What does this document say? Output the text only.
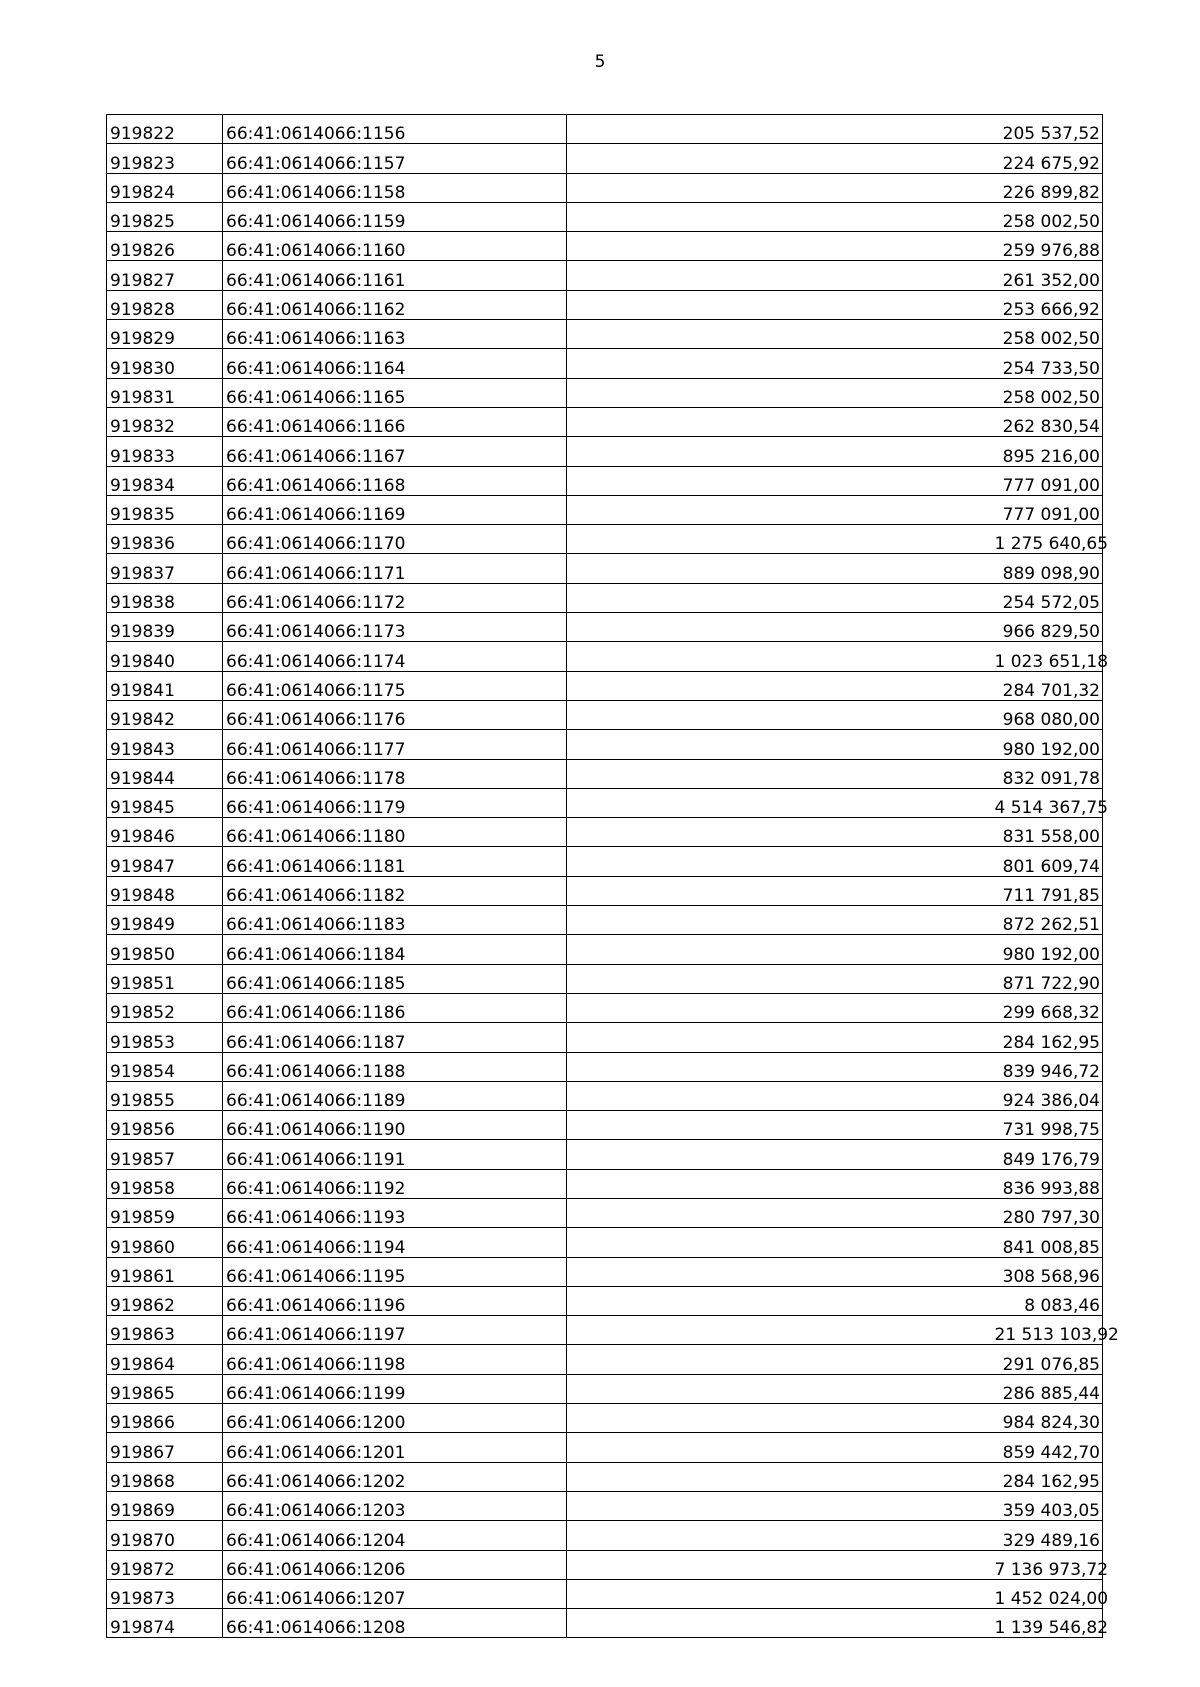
5
919822	66:41:0614066:1156		205 537,52
919823	66:41:0614066:1157		224 675,92
919824	66:41:0614066:1158		226 899,82
919825	66:41:0614066:1159		258 002,50
919826	66:41:0614066:1160		259 976,88
919827	66:41:0614066:1161		261 352,00
919828	66:41:0614066:1162		253 666,92
919829	66:41:0614066:1163		258 002,50
919830	66:41:0614066:1164		254 733,50
919831	66:41:0614066:1165		258 002,50
919832	66:41:0614066:1166		262 830,54
919833	66:41:0614066:1167		895 216,00
919834	66:41:0614066:1168		777 091,00
919835	66:41:0614066:1169		777 091,00
919836	66:41:0614066:1170		1 275 640,65
919837	66:41:0614066:1171		889 098,90
919838	66:41:0614066:1172		254 572,05
919839	66:41:0614066:1173		966 829,50
919840	66:41:0614066:1174		1 023 651,18
919841	66:41:0614066:1175		284 701,32
919842	66:41:0614066:1176		968 080,00
919843	66:41:0614066:1177		980 192,00
919844	66:41:0614066:1178		832 091,78
919845	66:41:0614066:1179		4 514 367,75
919846	66:41:0614066:1180		831 558,00
919847	66:41:0614066:1181		801 609,74
919848	66:41:0614066:1182		711 791,85
919849	66:41:0614066:1183		872 262,51
919850	66:41:0614066:1184		980 192,00
919851	66:41:0614066:1185		871 722,90
919852	66:41:0614066:1186		299 668,32
919853	66:41:0614066:1187		284 162,95
919854	66:41:0614066:1188		839 946,72
919855	66:41:0614066:1189		924 386,04
919856	66:41:0614066:1190		731 998,75
919857	66:41:0614066:1191		849 176,79
919858	66:41:0614066:1192		836 993,88
919859	66:41:0614066:1193		280 797,30
919860	66:41:0614066:1194		841 008,85
919861	66:41:0614066:1195		308 568,96
919862	66:41:0614066:1196		8 083,46
919863	66:41:0614066:1197		21 513 103,92
919864	66:41:0614066:1198		291 076,85
919865	66:41:0614066:1199		286 885,44
919866	66:41:0614066:1200		984 824,30
919867	66:41:0614066:1201		859 442,70
919868	66:41:0614066:1202		284 162,95
919869	66:41:0614066:1203		359 403,05
919870	66:41:0614066:1204		329 489,16
919872	66:41:0614066:1206		7 136 973,72
919873	66:41:0614066:1207		1 452 024,00
919874	66:41:0614066:1208		1 139 546,82
